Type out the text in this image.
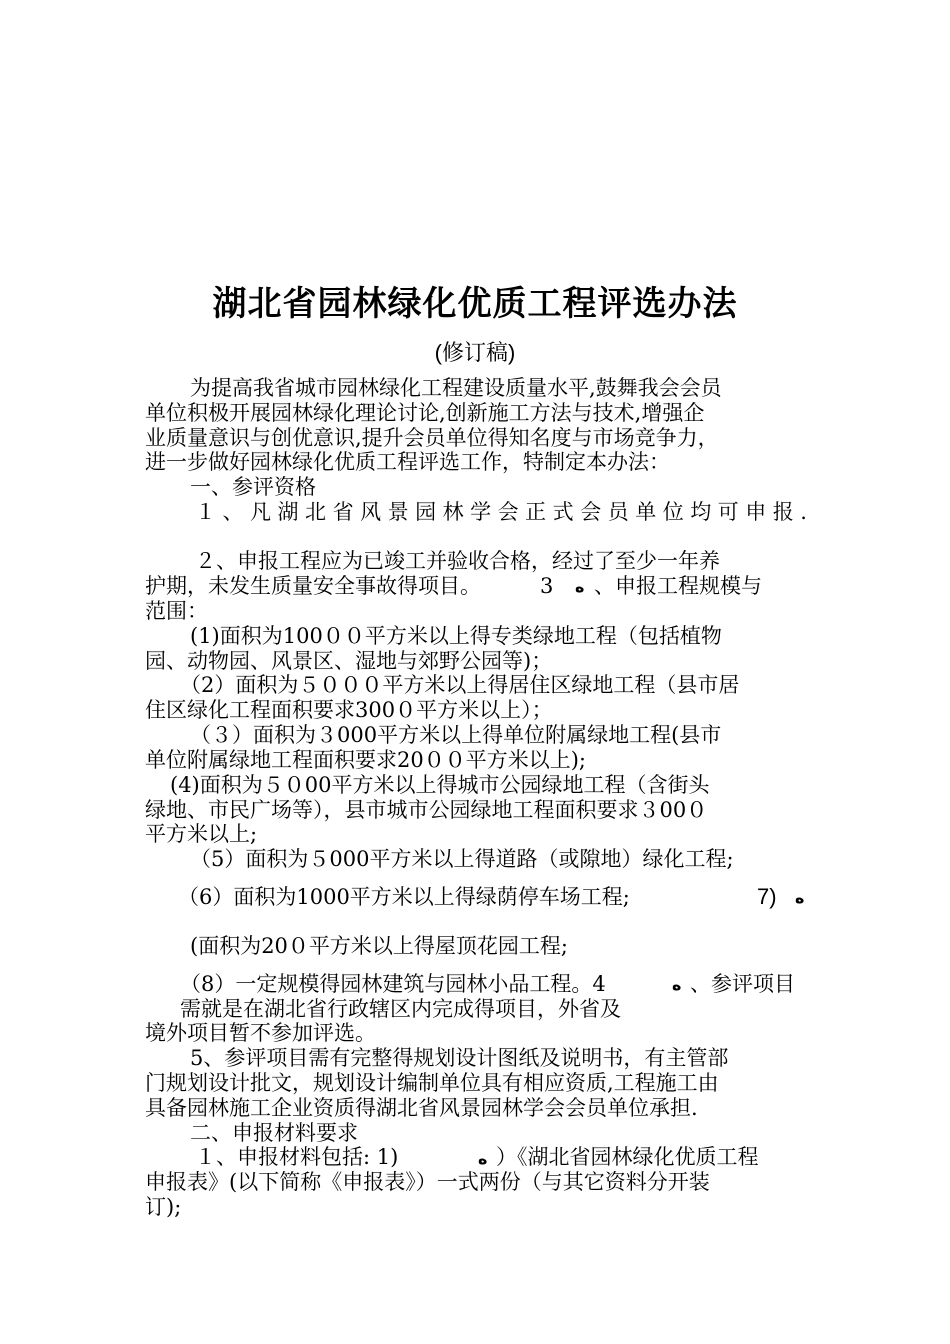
湖北省园林绿化优质工程评选办法
(修订稿)
为提高我省城市园林绿化工程建设质量水平,鼓舞我会会员
单位积极开展园林绿化理论讨论,创新施工方法与技术,增强企
业质量意识与创优意识,提升会员单位得知名度与市场竞争力，
进一步做好园林绿化优质工程评选工作，特制定本办法：
一、参评资格
１、凡湖北省风景园林学会正式会员单位均可申报.
２、申报工程应为已竣工并验收合格，经过了至少一年养
护期，未发生质量安全事故得项目。	3 ه 、申报工程规模与
范围：
(1)面积为100００平方米以上得专类绿地工程（包括植物
园、动物园、风景区、湿地与郊野公园等)；
（2）面积为５０００平方米以上得居住区绿地工程（县市居
住区绿化工程面积要求300０平方米以上）；
（３）面积为３000平方米以上得单位附属绿地工程(县市
单位附属绿地工程面积要求20００平方米以上);
(4)面积为５０00平方米以上得城市公园绿地工程（含街头
绿地、市民广场等），县市城市公园绿地工程面积要求３00０
平方米以上;
（5）面积为５000平方米以上得道路（或隙地）绿化工程;
（6）面积为1000平方米以上得绿荫停车场工程;	7) ه
(面积为20０平方米以上得屋顶花园工程;
（8）一定规模得园林建筑与园林小品工程。4	ه 、参评项目
需就是在湖北省行政辖区内完成得项目，外省及
境外项目暂不参加评选。
5、参评项目需有完整得规划设计图纸及说明书，有主管部
门规划设计批文，规划设计编制单位具有相应资质,工程施工由
具备园林施工企业资质得湖北省风景园林学会会员单位承担.
二、申报材料要求
１、申报材料包括: 1)	ه ）《湖北省园林绿化优质工程
申报表》(以下简称《申报表》）一式两份（与其它资料分开装
订);
